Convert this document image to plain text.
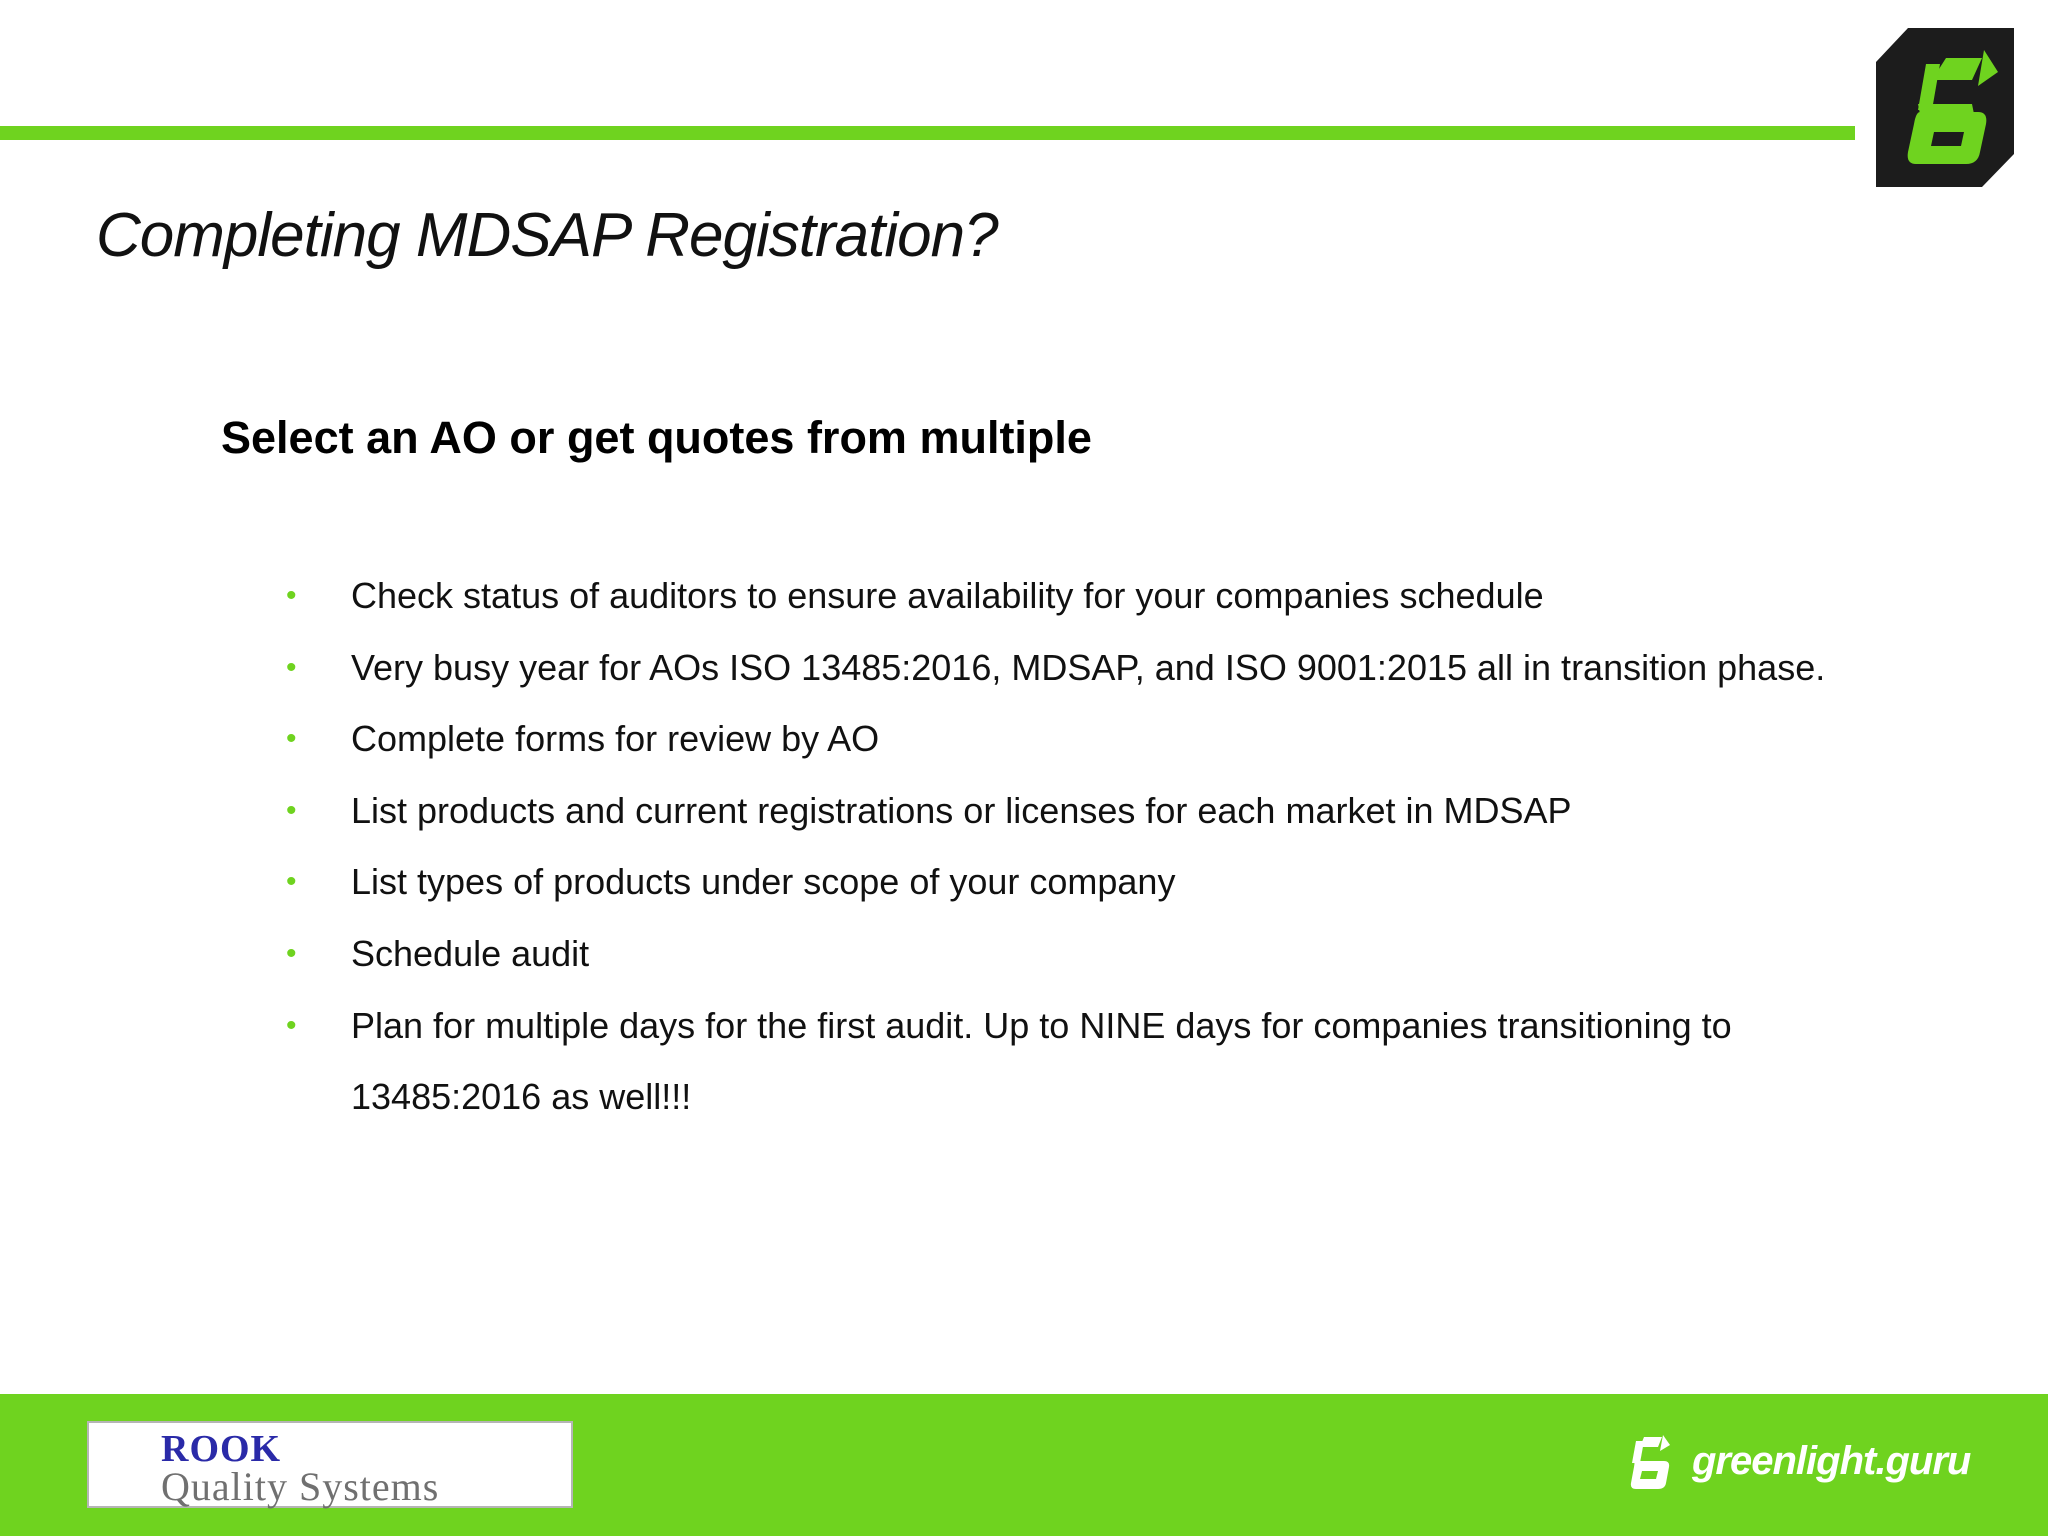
Completing MDSAP Registration?
Select an AO or get quotes from multiple
• Check status of auditors to ensure availability for your companies schedule
• Very busy year for AOs ISO 13485:2016, MDSAP, and ISO 9001:2015 all in transition phase.
• Complete forms for review by AO
• List products and current registrations or licenses for each market in MDSAP
• List types of products under scope of your company
• Schedule audit
• Plan for multiple days for the first audit. Up to NINE days for companies transitioning to 13485:2016 as well!!!
ROOK
Quality Systems
greenlight.guru
